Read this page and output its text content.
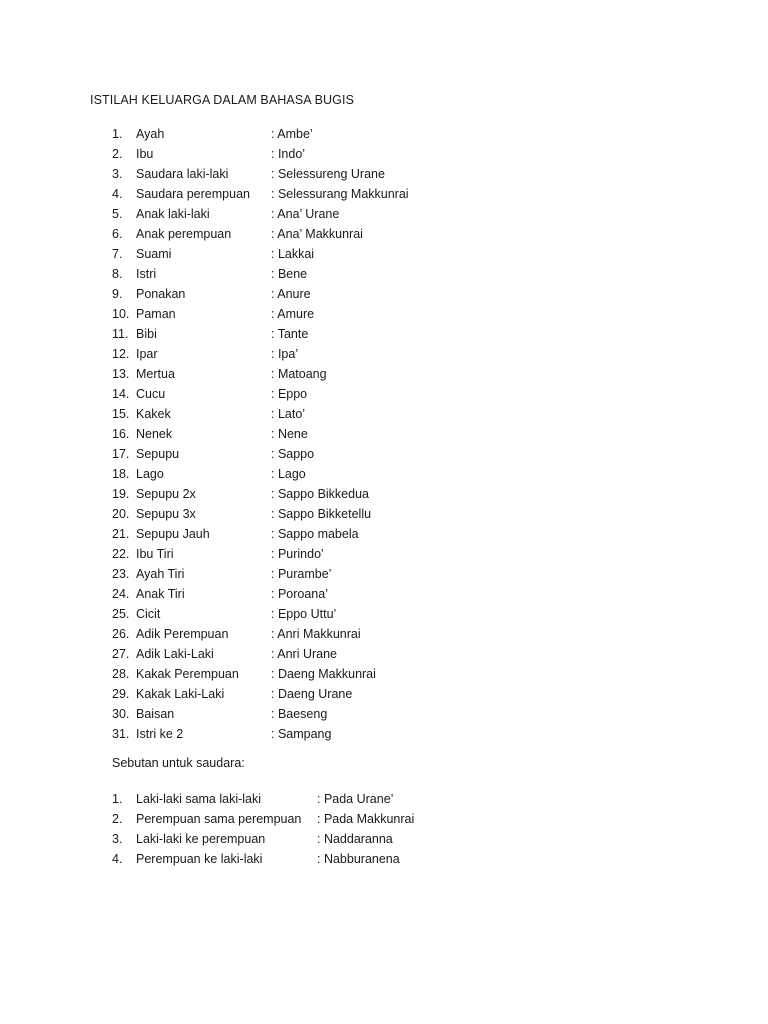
ISTILAH KELUARGA DALAM BAHASA BUGIS
1.	Ayah	: Ambe’
2.	Ibu	: Indo’
3.	Saudara laki-laki	: Selessureng Urane
4.	Saudara perempuan : Selessurang Makkunrai
5.	Anak laki-laki	: Ana’ Urane
6.	Anak perempuan	: Ana’ Makkunrai
7.	Suami	: Lakkai
8.	Istri	: Bene
9.	Ponakan	: Anure
10. Paman	: Amure
11. Bibi	: Tante
12. Ipar	: Ipa’
13. Mertua	: Matoang
14. Cucu	: Eppo
15. Kakek	: Lato’
16. Nenek	: Nene
17. Sepupu	: Sappo
18. Lago	: Lago
19. Sepupu 2x	: Sappo Bikkedua
20. Sepupu 3x	: Sappo Bikketellu
21. Sepupu Jauh	: Sappo mabela
22. Ibu Tiri	: Purindo’
23. Ayah Tiri	: Purambe’
24. Anak Tiri	: Poroana’
25. Cicit	: Eppo Uttu’
26. Adik Perempuan	: Anri Makkunrai
27. Adik Laki-Laki	: Anri Urane
28. Kakak Perempuan	: Daeng Makkunrai
29. Kakak Laki-Laki	: Daeng Urane
30. Baisan	: Baeseng
31. Istri ke 2	: Sampang
Sebutan untuk saudara:
1.	Laki-laki sama laki-laki	: Pada Urane’
2.	Perempuan sama perempuan : Pada Makkunrai
3.	Laki-laki ke perempuan	: Naddaranna
4.	Perempuan ke laki-laki	: Nabburanena
